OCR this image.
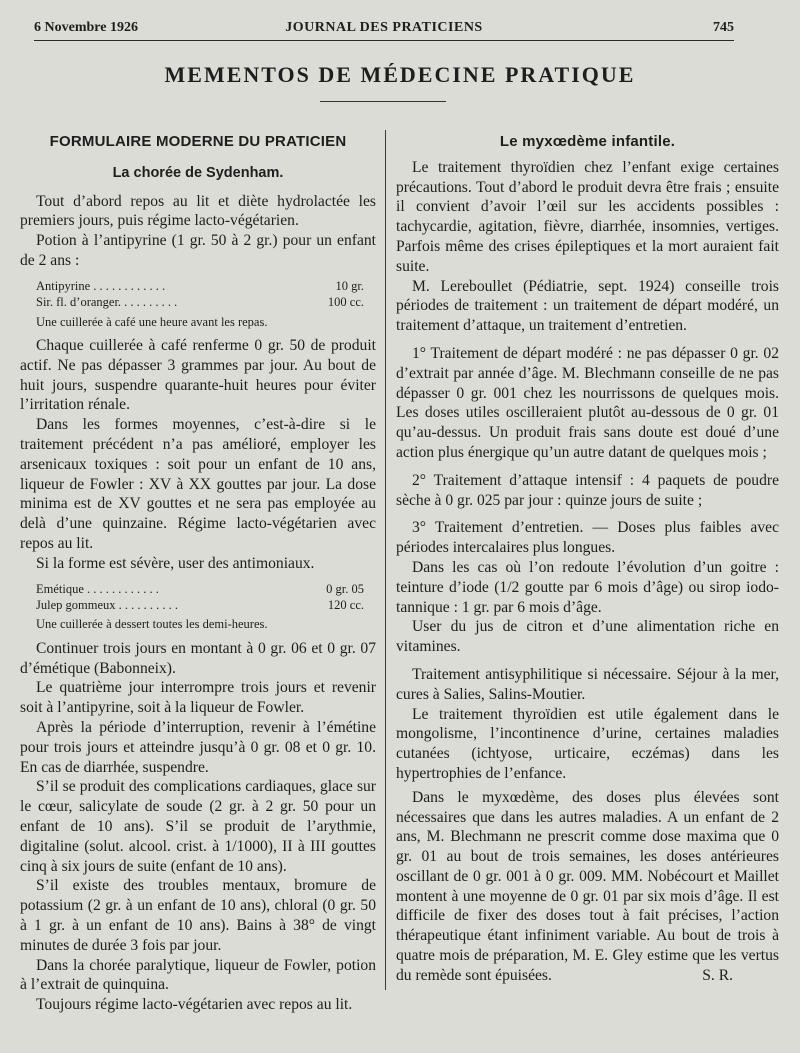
6 Novembre 1926	JOURNAL DES PRATICIENS	745
MEMENTOS DE MÉDECINE PRATIQUE
FORMULAIRE MODERNE DU PRATICIEN
La chorée de Sydenham.

Tout d’abord repos au lit et diète hydrolactée les premiers jours, puis régime lacto-végétarien.

Potion à l’antipyrine (1 gr. 50 à 2 gr.) pour un enfant de 2 ans :

Antipyrine . . . . . . . . . . . .	10 gr.
Sir. fl. d’oranger. . . . . . . . . .	100 cc.
Une cuillerée à café une heure avant les repas.

Chaque cuillerée à café renferme 0 gr. 50 de produit actif. Ne pas dépasser 3 grammes par jour. Au bout de huit jours, suspendre quarante-huit heures pour éviter l’irritation rénale.

Dans les formes moyennes, c’est-à-dire si le traitement précédent n’a pas amélioré, employer les arsenicaux toxiques : soit pour un enfant de 10 ans, liqueur de Fowler : XV à XX gouttes par jour. La dose minima est de XV gouttes et ne sera pas employée au delà d’une quinzaine. Régime lacto-végétarien avec repos au lit.

Si la forme est sévère, user des antimoniaux.

Emétique . . . . . . . . . . . .	0 gr. 05
Julep gommeux . . . . . . . . . .	120 cc.
Une cuillerée à dessert toutes les demi-heures.

Continuer trois jours en montant à 0 gr. 06 et 0 gr. 07 d’émétique (Babonneix).

Le quatrième jour interrompre trois jours et revenir soit à l’antipyrine, soit à la liqueur de Fowler.

Après la période d’interruption, revenir à l’émétine pour trois jours et atteindre jusqu’à 0 gr. 08 et 0 gr. 10. En cas de diarrhée, suspendre.

S’il se produit des complications cardiaques, glace sur le cœur, salicylate de soude (2 gr. à 2 gr. 50 pour un enfant de 10 ans). S’il se produit de l’arythmie, digitaline (solut. alcool. crist. à 1/1000), II à III gouttes cinq à six jours de suite (enfant de 10 ans).

S’il existe des troubles mentaux, bromure de potassium (2 gr. à un enfant de 10 ans), chloral (0 gr. 50 à 1 gr. à un enfant de 10 ans). Bains à 38° de vingt minutes de durée 3 fois par jour.

Dans la chorée paralytique, liqueur de Fowler, potion à l’extrait de quinquina.

Toujours régime lacto-végétarien avec repos au lit.

Le myxœdème infantile.

Le traitement thyroïdien chez l’enfant exige certaines précautions. Tout d’abord le produit devra être frais ; ensuite il convient d’avoir l’œil sur les accidents possibles : tachycardie, agitation, fièvre, diarrhée, insomnies, vertiges. Parfois même des crises épileptiques et la mort auraient fait suite.

M. Lereboullet (Pédiatrie, sept. 1924) conseille trois périodes de traitement : un traitement de départ modéré, un traitement d’attaque, un traitement d’entretien.

1° Traitement de départ modéré : ne pas dépasser 0 gr. 02 d’extrait par année d’âge. M. Blechmann conseille de ne pas dépasser 0 gr. 001 chez les nourrissons de quelques mois. Les doses utiles oscilleraient plutôt au-dessous de 0 gr. 01 qu’au-dessus. Un produit frais sans doute est doué d’une action plus énergique qu’un autre datant de quelques mois ;

2° Traitement d’attaque intensif : 4 paquets de poudre sèche à 0 gr. 025 par jour : quinze jours de suite ;

3° Traitement d’entretien. — Doses plus faibles avec périodes intercalaires plus longues.

Dans les cas où l’on redoute l’évolution d’un goitre : teinture d’iode (1/2 goutte par 6 mois d’âge) ou sirop iodo-tannique : 1 gr. par 6 mois d’âge.

User du jus de citron et d’une alimentation riche en vitamines.

Traitement antisyphilitique si nécessaire. Séjour à la mer, cures à Salies, Salins-Moutier.

Le traitement thyroïdien est utile également dans le mongolisme, l’incontinence d’urine, certaines maladies cutanées (ichtyose, urticaire, eczémas) dans les hypertrophies de l’enfance.

Dans le myxœdème, des doses plus élevées sont nécessaires que dans les autres maladies. A un enfant de 2 ans, M. Blechmann ne prescrit comme dose maxima que 0 gr. 01 au bout de trois semaines, les doses antérieures oscillant de 0 gr. 001 à 0 gr. 009. MM. Nobécourt et Maillet montent à une moyenne de 0 gr. 01 par six mois d’âge. Il est difficile de fixer des doses tout à fait précises, l’action thérapeutique étant infiniment variable. Au bout de trois à quatre mois de préparation, M. E. Gley estime que les vertus du remède sont épuisées.	S. R.
